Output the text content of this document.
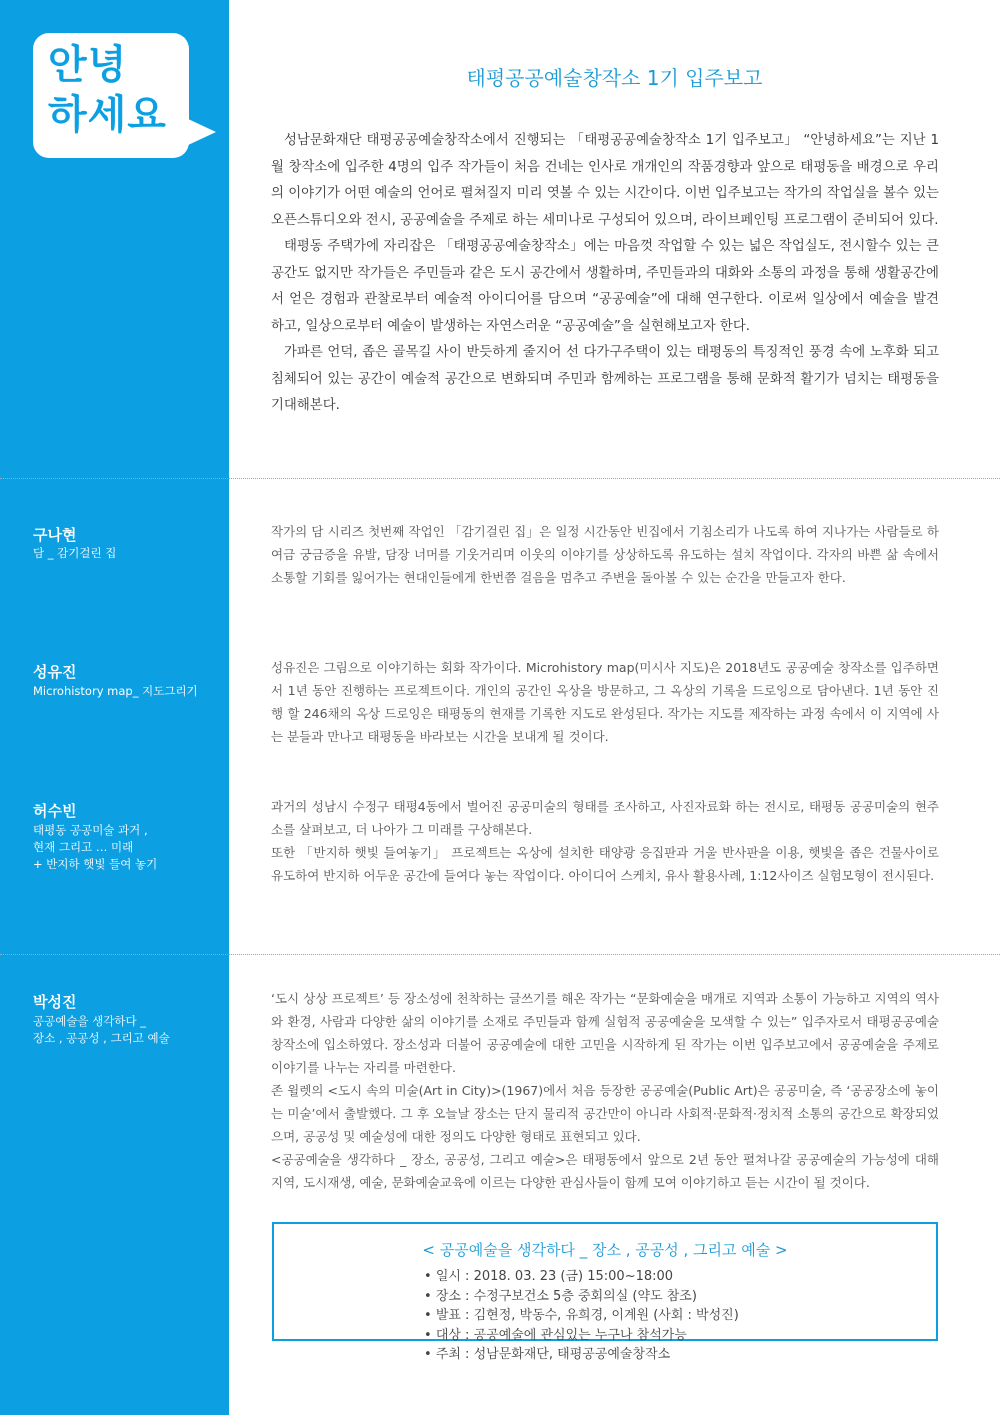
안녕
하세요
태평공공예술창작소 1기 입주보고

성남문화재단 태평공공예술창작소에서 진행되는 「태평공공예술창작소 1기 입주보고」 “안녕하세요”는 지난 1월 창작소에 입주한 4명의 입주 작가들이 처음 건네는 인사로 개개인의 작품경향과 앞으로 태평동을 배경으로 우리의 이야기가 어떤 예술의 언어로 펼쳐질지 미리 엿볼 수 있는 시간이다. 이번 입주보고는 작가의 작업실을 볼수 있는 오픈스튜디오와 전시, 공공예술을 주제로 하는 세미나로 구성되어 있으며, 라이브페인팅 프로그램이 준비되어 있다.

태평동 주택가에 자리잡은 「태평공공예술창작소」에는 마음껏 작업할 수 있는 넓은 작업실도, 전시할수 있는 큰 공간도 없지만 작가들은 주민들과 같은 도시 공간에서 생활하며, 주민들과의 대화와 소통의 과정을 통해 생활공간에서 얻은 경험과 관찰로부터 예술적 아이디어를 담으며 “공공예술”에 대해 연구한다. 이로써 일상에서 예술을 발견하고, 일상으로부터 예술이 발생하는 자연스러운 “공공예술”을 실현해보고자 한다.

가파른 언덕, 좁은 골목길 사이 반듯하게 줄지어 선 다가구주택이 있는 태평동의 특징적인 풍경 속에 노후화 되고 침체되어 있는 공간이 예술적 공간으로 변화되며 주민과 함께하는 프로그램을 통해 문화적 활기가 넘치는 태평동을 기대해본다.

구나현
담 _ 감기걸린 집

작가의 담 시리즈 첫번째 작업인 「감기걸린 집」은 일정 시간동안 빈집에서 기침소리가 나도록 하여 지나가는 사람들로 하여금 궁금증을 유발, 담장 너머를 기웃거리며 이웃의 이야기를 상상하도록 유도하는 설치 작업이다. 각자의 바쁜 삶 속에서 소통할 기회를 잃어가는 현대인들에게 한번쯤 걸음을 멈추고 주변을 돌아볼 수 있는 순간을 만들고자 한다.

성유진
Microhistory map_ 지도그리기

성유진은 그림으로 이야기하는 회화 작가이다. Microhistory map(미시사 지도)은 2018년도 공공예술 창작소를 입주하면서 1년 동안 진행하는 프로젝트이다. 개인의 공간인 옥상을 방문하고, 그 옥상의 기록을 드로잉으로 담아낸다. 1년 동안 진행 할 246채의 옥상 드로잉은 태평동의 현재를 기록한 지도로 완성된다. 작가는 지도를 제작하는 과정 속에서 이 지역에 사는 분들과 만나고 태평동을 바라보는 시간을 보내게 될 것이다.

허수빈
태평동 공공미술 과거 ,
현재 그리고 … 미래
+ 반지하 햇빛 들여 놓기

과거의 성남시 수정구 태평4동에서 벌어진 공공미술의 형태를 조사하고, 사진자료화 하는 전시로, 태평동 공공미술의 현주소를 살펴보고, 더 나아가 그 미래를 구상해본다.

또한 「반지하 햇빛 들여놓기」 프로젝트는 옥상에 설치한 태양광 응집판과 거울 반사판을 이용, 햇빛을 좁은 건물사이로 유도하여 반지하 어두운 공간에 들여다 놓는 작업이다. 아이디어 스케치, 유사 활용사례, 1:12사이즈 실험모형이 전시된다.

박성진
공공예술을 생각하다 _
장소 , 공공성 , 그리고 예술

‘도시 상상 프로젝트’ 등 장소성에 천착하는 글쓰기를 해온 작가는 “문화예술을 매개로 지역과 소통이 가능하고 지역의 역사와 환경, 사람과 다양한 삶의 이야기를 소재로 주민들과 함께 실험적 공공예술을 모색할 수 있는” 입주자로서 태평공공예술창작소에 입소하였다. 장소성과 더불어 공공예술에 대한 고민을 시작하게 된 작가는 이번 입주보고에서 공공예술을 주제로 이야기를 나누는 자리를 마련한다.

존 윌렛의 <도시 속의 미술(Art in City)>(1967)에서 처음 등장한 공공예술(Public Art)은 공공미술, 즉 ‘공공장소에 놓이는 미술’에서 출발했다. 그 후 오늘날 장소는 단지 물리적 공간만이 아니라 사회적·문화적·정치적 소통의 공간으로 확장되었으며, 공공성 및 예술성에 대한 정의도 다양한 형태로 표현되고 있다.

<공공예술을 생각하다 _ 장소, 공공성, 그리고 예술>은 태평동에서 앞으로 2년 동안 펼쳐나갈 공공예술의 가능성에 대해 지역, 도시재생, 예술, 문화예술교육에 이르는 다양한 관심사들이 함께 모여 이야기하고 듣는 시간이 될 것이다.

< 공공예술을 생각하다 _ 장소 , 공공성 , 그리고 예술 >
• 일시 : 2018. 03. 23 (금) 15:00~18:00
• 장소 : 수정구보건소 5층 중회의실 (약도 참조)
• 발표 : 김현정, 박동수, 유희경, 이계원 (사회 : 박성진)
• 대상 : 공공예술에 관심있는 누구나 참석가능
• 주최 : 성남문화재단, 태평공공예술창작소
